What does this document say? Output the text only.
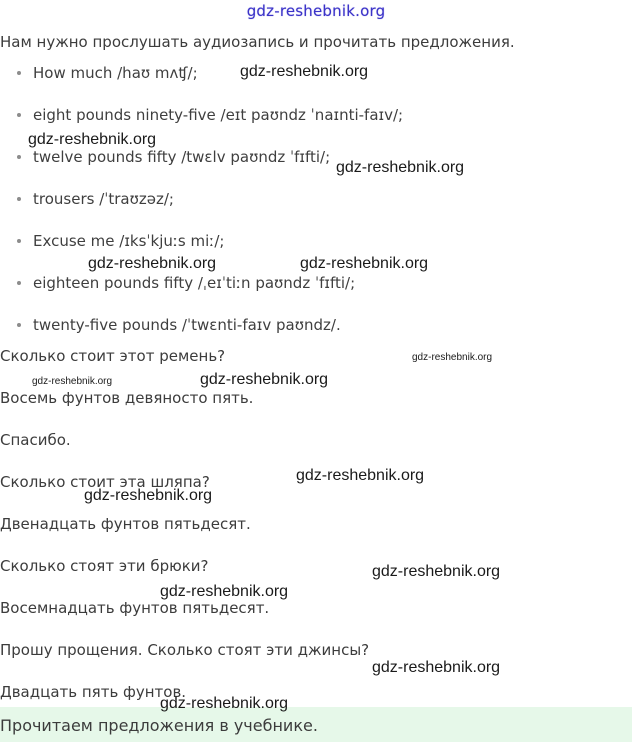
gdz-reshebnik.org
Нам нужно прослушать аудиозапись и прочитать предложения.
How much /haʊ mʌʧ/;
eight pounds ninety-five /eɪt paʊndz ˈnaɪnti-faɪv/;
twelve pounds fifty /twɛlv paʊndz ˈfɪfti/;
trousers /ˈtraʊzəz/;
Excuse me /ɪksˈkjuːs miː/;
eighteen pounds fifty /ˌeɪˈtiːn paʊndz ˈfɪfti/;
twenty-five pounds /ˈtwɛnti-faɪv paʊndz/.
Сколько стоит этот ремень?
Восемь фунтов девяносто пять.
Спасибо.
Сколько стоит эта шляпа?
Двенадцать фунтов пятьдесят.
Сколько стоят эти брюки?
Восемнадцать фунтов пятьдесят.
Прошу прощения. Сколько стоят эти джинсы?
Двадцать пять фунтов.
Прочитаем предложения в учебнике.
gdz-reshebnik.org
gdz-reshebnik.org
gdz-reshebnik.org
gdz-reshebnik.org	gdz-reshebnik.org
gdz-reshebnik.org
gdz-reshebnik.org	gdz-reshebnik.org
gdz-reshebnik.org
gdz-reshebnik.org
gdz-reshebnik.org
gdz-reshebnik.org
gdz-reshebnik.org
gdz-reshebnik.org
